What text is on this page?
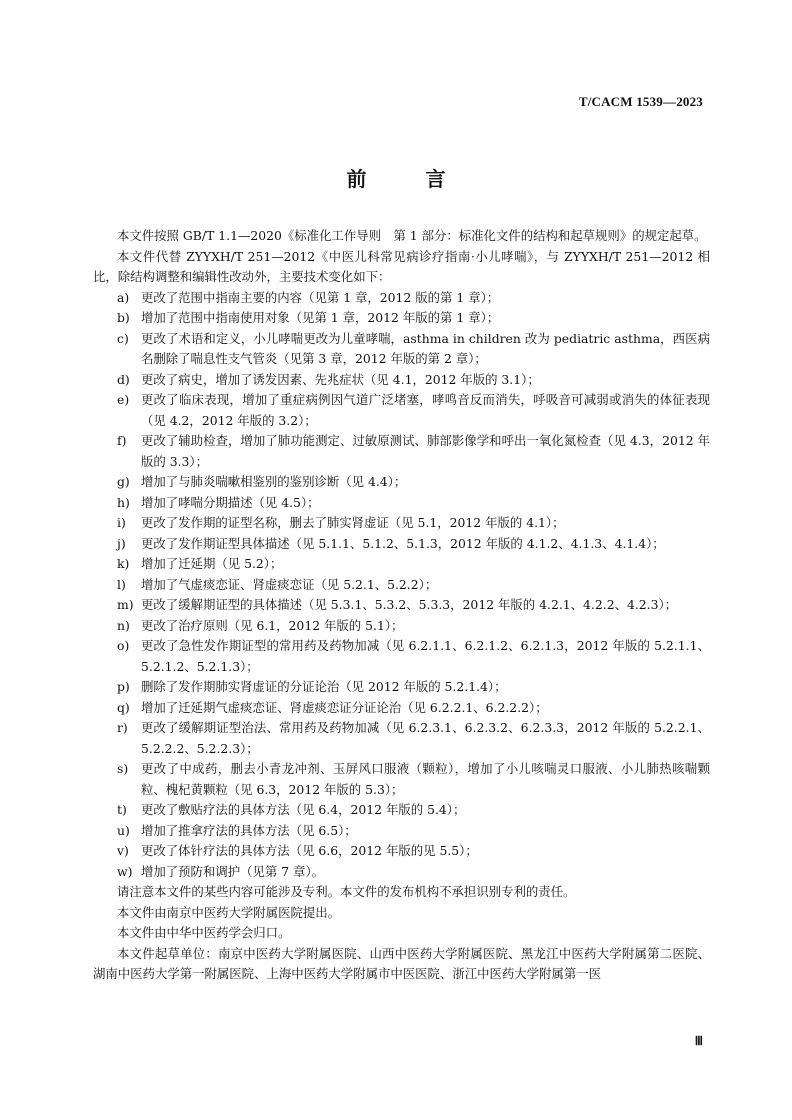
T/CACM 1539—2023
前 言

本文件按照 GB/T 1.1—2020《标准化工作导则　第 1 部分：标准化文件的结构和起草规则》的规定起草。

本文件代替 ZYYXH/T 251—2012《中医儿科常见病诊疗指南·小儿哮喘》，与 ZYYXH/T 251—2012 相比，除结构调整和编辑性改动外，主要技术变化如下：

a) 更改了范围中指南主要的内容（见第 1 章，2012 版的第 1 章）；
b) 增加了范围中指南使用对象（见第 1 章，2012 年版的第 1 章）；
c) 更改了术语和定义，小儿哮喘更改为儿童哮喘，asthma in children 改为 pediatric asthma，西医病名删除了喘息性支气管炎（见第 3 章，2012 年版的第 2 章）；
d) 更改了病史，增加了诱发因素、先兆症状（见 4.1，2012 年版的 3.1）；
e) 更改了临床表现，增加了重症病例因气道广泛堵塞，哮鸣音反而消失，呼吸音可减弱或消失的体征表现（见 4.2，2012 年版的 3.2）；
f)	更改了辅助检查，增加了肺功能测定、过敏原测试、肺部影像学和呼出一氧化氮检查（见 4.3，2012 年版的 3.3）；
g) 增加了与肺炎喘嗽相鉴别的鉴别诊断（见 4.4）；
h) 增加了哮喘分期描述（见 4.5）；
i)	更改了发作期的证型名称，删去了肺实肾虚证（见 5.1，2012 年版的 4.1）；
j)	更改了发作期证型具体描述（见 5.1.1、5.1.2、5.1.3，2012 年版的 4.1.2、4.1.3、4.1.4）；
k) 增加了迁延期（见 5.2）；
l)	增加了气虚痰恋证、肾虚痰恋证（见 5.2.1、5.2.2）；
m) 更改了缓解期证型的具体描述（见 5.3.1、5.3.2、5.3.3，2012 年版的 4.2.1、4.2.2、4.2.3）；
n) 更改了治疗原则（见 6.1，2012 年版的 5.1）；
o) 更改了急性发作期证型的常用药及药物加减（见 6.2.1.1、6.2.1.2、6.2.1.3，2012 年版的 5.2.1.1、5.2.1.2、5.2.1.3）；
p) 删除了发作期肺实肾虚证的分证论治（见 2012 年版的 5.2.1.4）；
q) 增加了迁延期气虚痰恋证、肾虚痰恋证分证论治（见 6.2.2.1、6.2.2.2）；
r)	更改了缓解期证型治法、常用药及药物加减（见 6.2.3.1、6.2.3.2、6.2.3.3，2012 年版的 5.2.2.1、5.2.2.2、5.2.2.3）；
s)	更改了中成药，删去小青龙冲剂、玉屏风口服液（颗粒），增加了小儿咳喘灵口服液、小儿肺热咳喘颗粒、槐杞黄颗粒（见 6.3，2012 年版的 5.3）；
t)	更改了敷贴疗法的具体方法（见 6.4，2012 年版的 5.4）；
u) 增加了推拿疗法的具体方法（见 6.5）；
v) 更改了体针疗法的具体方法（见 6.6，2012 年版的见 5.5）；
w) 增加了预防和调护（见第 7 章）。

请注意本文件的某些内容可能涉及专利。本文件的发布机构不承担识别专利的责任。

本文件由南京中医药大学附属医院提出。

本文件由中华中医药学会归口。

本文件起草单位：南京中医药大学附属医院、山西中医药大学附属医院、黑龙江中医药大学附属第二医院、湖南中医药大学第一附属医院、上海中医药大学附属市中医医院、浙江中医药大学附属第一医

Ⅲ
